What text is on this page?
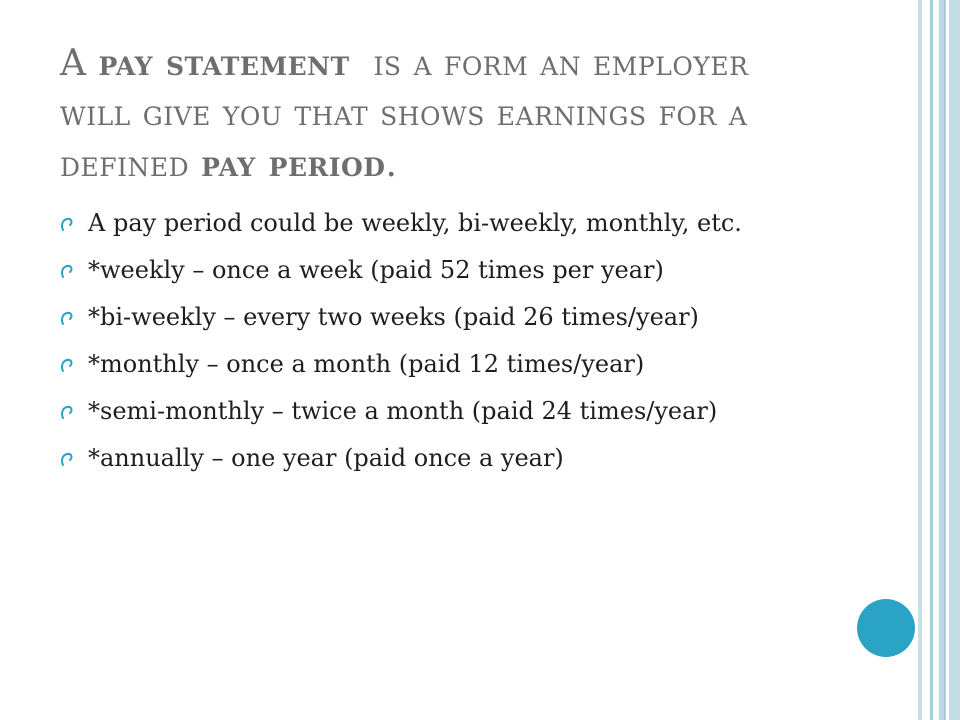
A pay statement  is a form an employer will give you that shows earnings for a defined pay period.
A pay period could be weekly, bi-weekly, monthly, etc.
*weekly – once a week (paid 52 times per year)
*bi-weekly – every two weeks (paid 26 times/year)
*monthly – once a month (paid 12 times/year)
*semi-monthly – twice a month (paid 24 times/year)
*annually – one year (paid once a year)
